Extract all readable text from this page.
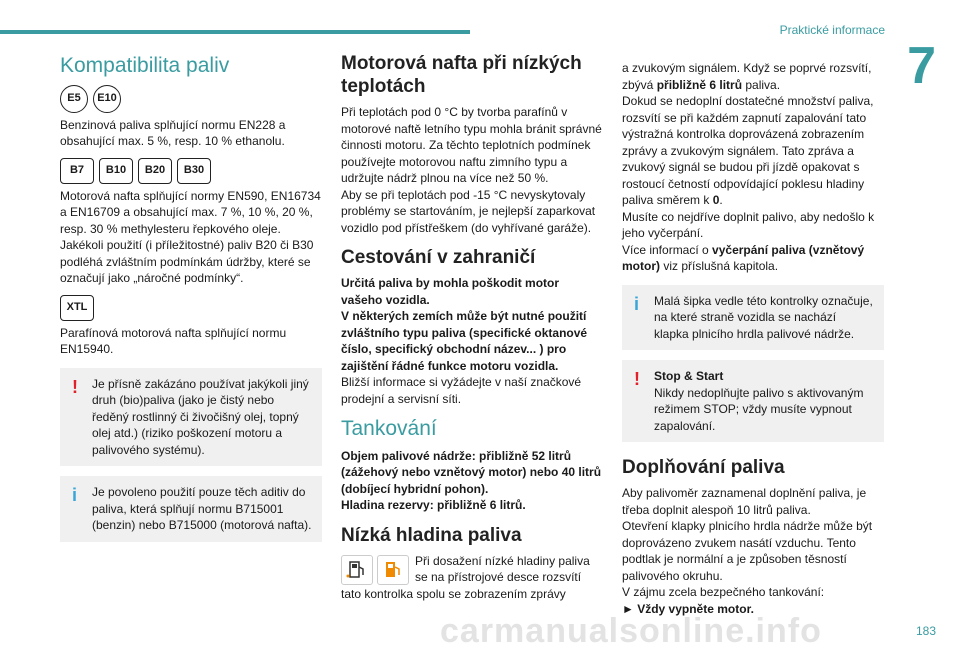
Praktické informace
7
183
Kompatibilita paliv
E5	E10

Benzinová paliva splňující normu EN228 a obsahující max. 5 %, resp. 10 % ethanolu.

B7	B10	B20	B30

Motorová nafta splňující normy EN590, EN16734 a EN16709 a obsahující max. 7 %, 10 %, 20 %, resp. 30 % methylesteru řepkového oleje. Jakékoli použití (i příležitostné) paliv B20 či B30 podléhá zvláštním podmínkám údržby, které se označují jako „náročné podmínky“.

XTL

Parafínová motorová nafta splňující normu EN15940.

! Je přísně zakázáno používat jakýkoli jiný druh (bio)paliva (jako je čistý nebo ředěný rostlinný či živočišný olej, topný olej atd.) (riziko poškození motoru a palivového systému).

i Je povoleno použití pouze těch aditiv do paliva, která splňují normu B715001 (benzin) nebo B715000 (motorová nafta).

Motorová nafta při nízkých teplotách

Při teplotách pod 0 °C by tvorba parafínů v motorové naftě letního typu mohla bránit správné činnosti motoru. Za těchto teplotních podmínek používejte motorovou naftu zimního typu a udržujte nádrž plnou na více než 50 %.

Aby se při teplotách pod -15 °C nevyskytovaly problémy se startováním, je nejlepší zaparkovat vozidlo pod přístřeškem (do vyhřívané garáže).

Cestování v zahraničí

Určitá paliva by mohla poškodit motor vašeho vozidla.

V některých zemích může být nutné použití zvláštního typu paliva (specifické oktanové číslo, specifický obchodní název... ) pro zajištění řádné funkce motoru vozidla.

Bližší informace si vyžádejte v naší značkové prodejní a servisní síti.

Tankování

Objem palivové nádrže: přibližně 52 litrů (zážehový nebo vznětový motor) nebo 40 litrů (dobíjecí hybridní pohon).

Hladina rezervy: přibližně 6 litrů.

Nízká hladina paliva

Při dosažení nízké hladiny paliva se na přístrojové desce rozsvítí tato kontrolka spolu se zobrazením zprávy

a zvukovým signálem. Když se poprvé rozsvítí, zbývá přibližně 6 litrů paliva.

Dokud se nedoplní dostatečné množství paliva, rozsvítí se při každém zapnutí zapalování tato výstražná kontrolka doprovázená zobrazením zprávy a zvukovým signálem. Tato zpráva a zvukový signál se budou při jízdě opakovat s rostoucí četností odpovídající poklesu hladiny paliva směrem k 0.

Musíte co nejdříve doplnit palivo, aby nedošlo k jeho vyčerpání.

Více informací o vyčerpání paliva (vznětový motor) viz příslušná kapitola.

i Malá šipka vedle této kontrolky označuje, na které straně vozidla se nachází klapka plnicího hrdla palivové nádrže.

! Stop & Start

Nikdy nedoplňujte palivo s aktivovaným režimem STOP; vždy musíte vypnout zapalování.

Doplňování paliva

Aby palivoměr zaznamenal doplnění paliva, je třeba doplnit alespoň 10 litrů paliva.

Otevření klapky plnicího hrdla nádrže může být doprovázeno zvukem nasátí vzduchu. Tento podtlak je normální a je způsoben těsností palivového okruhu.

V zájmu zcela bezpečného tankování:

► Vždy vypněte motor.

carmanualsonline.info
